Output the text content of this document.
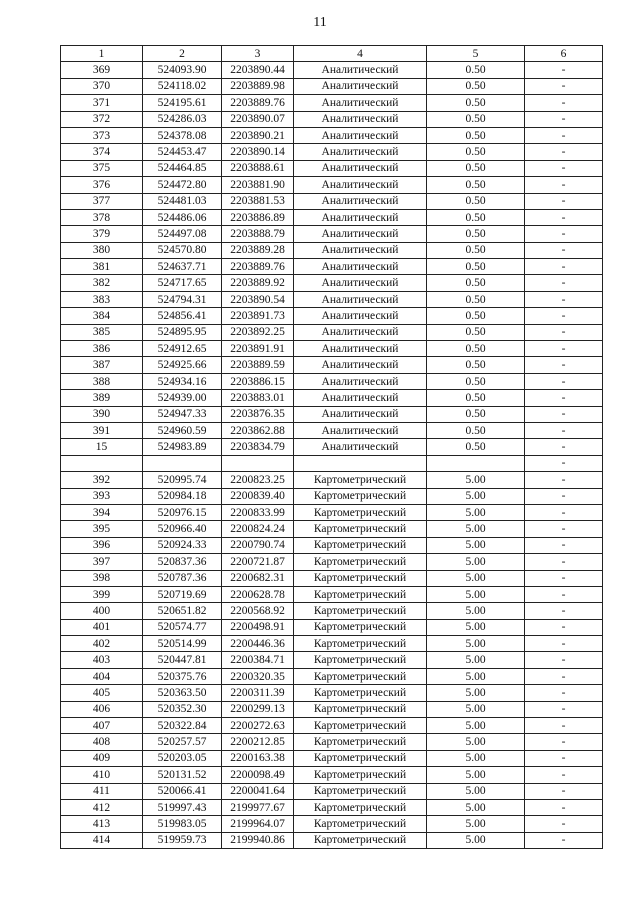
11
1	2	3	4	5	6
369	524093.90	2203890.44	Аналитический	0.50	-
370	524118.02	2203889.98	Аналитический	0.50	-
371	524195.61	2203889.76	Аналитический	0.50	-
372	524286.03	2203890.07	Аналитический	0.50	-
373	524378.08	2203890.21	Аналитический	0.50	-
374	524453.47	2203890.14	Аналитический	0.50	-
375	524464.85	2203888.61	Аналитический	0.50	-
376	524472.80	2203881.90	Аналитический	0.50	-
377	524481.03	2203881.53	Аналитический	0.50	-
378	524486.06	2203886.89	Аналитический	0.50	-
379	524497.08	2203888.79	Аналитический	0.50	-
380	524570.80	2203889.28	Аналитический	0.50	-
381	524637.71	2203889.76	Аналитический	0.50	-
382	524717.65	2203889.92	Аналитический	0.50	-
383	524794.31	2203890.54	Аналитический	0.50	-
384	524856.41	2203891.73	Аналитический	0.50	-
385	524895.95	2203892.25	Аналитический	0.50	-
386	524912.65	2203891.91	Аналитический	0.50	-
387	524925.66	2203889.59	Аналитический	0.50	-
388	524934.16	2203886.15	Аналитический	0.50	-
389	524939.00	2203883.01	Аналитический	0.50	-
390	524947.33	2203876.35	Аналитический	0.50	-
391	524960.59	2203862.88	Аналитический	0.50	-
15	524983.89	2203834.79	Аналитический	0.50	-
					-
392	520995.74	2200823.25	Картометрический	5.00	-
393	520984.18	2200839.40	Картометрический	5.00	-
394	520976.15	2200833.99	Картометрический	5.00	-
395	520966.40	2200824.24	Картометрический	5.00	-
396	520924.33	2200790.74	Картометрический	5.00	-
397	520837.36	2200721.87	Картометрический	5.00	-
398	520787.36	2200682.31	Картометрический	5.00	-
399	520719.69	2200628.78	Картометрический	5.00	-
400	520651.82	2200568.92	Картометрический	5.00	-
401	520574.77	2200498.91	Картометрический	5.00	-
402	520514.99	2200446.36	Картометрический	5.00	-
403	520447.81	2200384.71	Картометрический	5.00	-
404	520375.76	2200320.35	Картометрический	5.00	-
405	520363.50	2200311.39	Картометрический	5.00	-
406	520352.30	2200299.13	Картометрический	5.00	-
407	520322.84	2200272.63	Картометрический	5.00	-
408	520257.57	2200212.85	Картометрический	5.00	-
409	520203.05	2200163.38	Картометрический	5.00	-
410	520131.52	2200098.49	Картометрический	5.00	-
411	520066.41	2200041.64	Картометрический	5.00	-
412	519997.43	2199977.67	Картометрический	5.00	-
413	519983.05	2199964.07	Картометрический	5.00	-
414	519959.73	2199940.86	Картометрический	5.00	-
